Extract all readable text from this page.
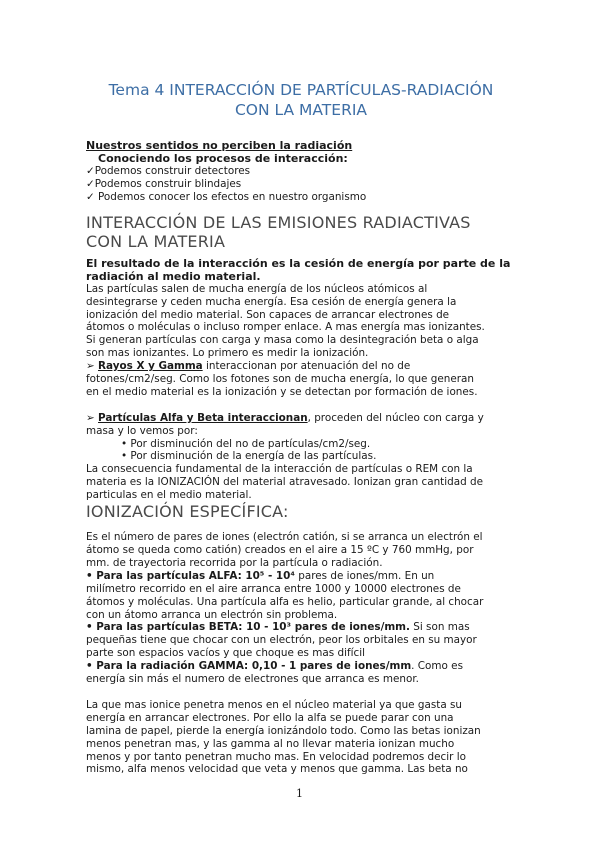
Tema 4 INTERACCIÓN DE PARTÍCULAS-RADIACIÓN
CON LA MATERIA
Nuestros sentidos no perciben la radiación
Conociendo los procesos de interacción:
✓Podemos construir detectores
✓Podemos construir blindajes
✓ Podemos conocer los efectos en nuestro organismo
INTERACCIÓN DE LAS EMISIONES RADIACTIVAS
CON LA MATERIA
El resultado de la interacción es la cesión de energía por parte de la
radiación al medio material.
Las partículas salen de mucha energía de los núcleos atómicos al
desintegrarse y ceden mucha energía. Esa cesión de energía genera la
ionización del medio material. Son capaces de arrancar electrones de
átomos o moléculas o incluso romper enlace. A mas energía mas ionizantes.
Si generan partículas con carga y masa como la desintegración beta o alga
son mas ionizantes. Lo primero es medir la ionización.
➢ Rayos X y Gamma interaccionan por atenuación del no de
fotones/cm2/seg. Como los fotones son de mucha energía, lo que generan
en el medio material es la ionización y se detectan por formación de iones.
➢ Partículas Alfa y Beta interaccionan, proceden del núcleo con carga y
masa y lo vemos por:
• Por disminución del no de partículas/cm2/seg.
• Por disminución de la energía de las partículas.
La consecuencia fundamental de la interacción de partículas o REM con la
materia es la IONIZACIÓN del material atravesado. Ionizan gran cantidad de
particulas en el medio material.
IONIZACIÓN ESPECÍFICA:
Es el número de pares de iones (electrón catión, si se arranca un electrón el
átomo se queda como catión) creados en el aire a 15 ºC y 760 mmHg, por
mm. de trayectoria recorrida por la partícula o radiación.
• Para las partículas ALFA: 10⁵ - 10⁴ pares de iones/mm. En un
milímetro recorrido en el aire arranca entre 1000 y 10000 electrones de
átomos y moléculas. Una partícula alfa es helio, particular grande, al chocar
con un átomo arranca un electrón sin problema.
• Para las partículas BETA: 10 - 10³ pares de iones/mm. Si son mas
pequeñas tiene que chocar con un electrón, peor los orbitales en su mayor
parte son espacios vacíos y que choque es mas difícil
• Para la radiación GAMMA: 0,10 - 1 pares de iones/mm. Como es
energía sin más el numero de electrones que arranca es menor.
La que mas ionice penetra menos en el núcleo material ya que gasta su
energía en arrancar electrones. Por ello la alfa se puede parar con una
lamina de papel, pierde la energía ionizándolo todo. Como las betas ionizan
menos penetran mas, y las gamma al no llevar materia ionizan mucho
menos y por tanto penetran mucho mas. En velocidad podremos decir lo
mismo, alfa menos velocidad que veta y menos que gamma. Las beta no
1
